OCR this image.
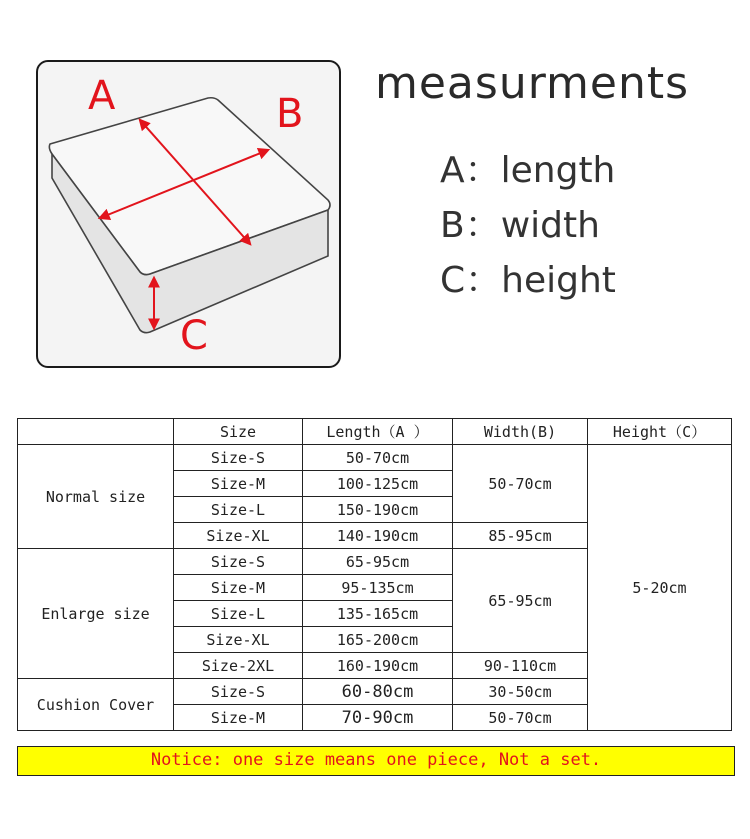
A	B
C
measurments
A：length
B：width
C：height
	Size	Length（A ）	Width(B)	Height（C）
Normal size	Size-S	50-70cm	50-70cm	5-20cm
	Size-M	100-125cm		
	Size-L	150-190cm		
	Size-XL	140-190cm	85-95cm	
Enlarge size	Size-S	65-95cm	65-95cm	
	Size-M	95-135cm		
	Size-L	135-165cm		
	Size-XL	165-200cm		
	Size-2XL	160-190cm	90-110cm	
Cushion Cover	Size-S	60-80cm	30-50cm	
	Size-M	70-90cm	50-70cm	
Notice: one size means one piece, Not a set.
